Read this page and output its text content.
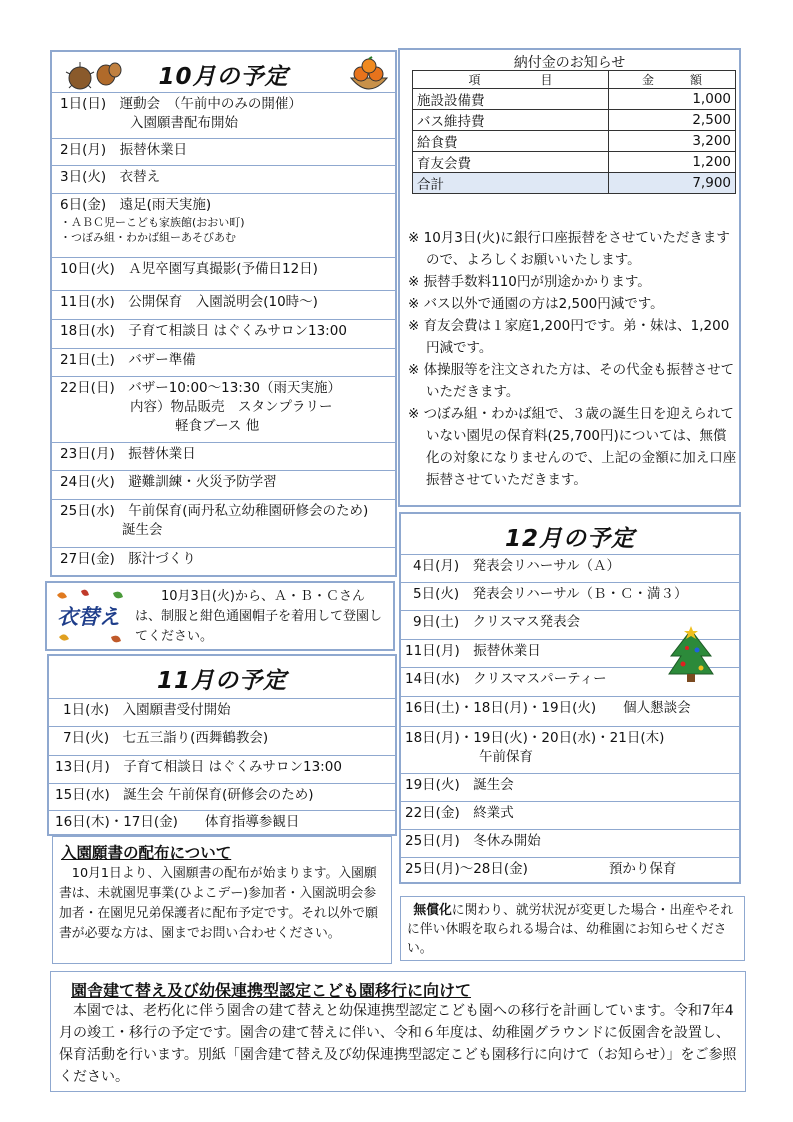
10月の予定
1日(日)　運動会　（午前中のみの開催）
入園願書配布開始
2日(月)　振替休業日
3日(火)　衣替え
6日(金)　遠足(雨天実施)
・ＡＢＣ児ーこども家族館(おおい町)
・つぼみ組・わかば組ーあそびあむ
10日(火)　Ａ児卒園写真撮影(予備日12日)
11日(水)　公開保育　入園説明会(10時～)
18日(水)　子育て相談日 はぐくみサロン13:00
21日(土)　バザー準備
22日(日)　バザー10:00～13:30（雨天実施）
内容）物品販売　スタンプラリー
軽食ブース 他
23日(月)　振替休業日
24日(火)　避難訓練・火災予防学習
25日(水)　午前保育(両丹私立幼稚園研修会のため)
誕生会
27日(金)　豚汁づくり
衣替え
10月3日(火)から、Ａ・Ｂ・Ｃさんは、制服と紺色通園帽子を着用して登園してください。
11月の予定
1日(水)　入園願書受付開始
7日(火)　七五三詣り(西舞鶴教会)
13日(月)　子育て相談日 はぐくみサロン13:00
15日(水)　誕生会 午前保育(研修会のため)
16日(木)・17日(金)　　体育指導参観日
入園願書の配布について
10月1日より、入園願書の配布が始まります。入園願書は、未就園児事業(ひよこデー)参加者・入園説明会参加者・在園児兄弟保護者に配布予定です。それ以外で願書が必要な方は、園までお問い合わせください。
納付金のお知らせ
項　　　　　目	金　　　額
施設設備費	1,000
バス維持費	2,500
給食費	3,200
育友会費	1,200
合計	7,900
※ 10月3日(火)に銀行口座振替をさせていただきますので、よろしくお願いいたします。
※ 振替手数料110円が別途かかります。
※ バス以外で通園の方は2,500円減です。
※ 育友会費は１家庭1,200円です。弟・妹は、1,200円減です。
※ 体操服等を注文された方は、その代金も振替させていただきます。
※ つぼみ組・わかば組で、３歳の誕生日を迎えられていない園児の保育料(25,700円)については、無償化の対象になりませんので、上記の金額に加え口座振替させていただきます。
12月の予定
4日(月)　発表会リハーサル（Ａ）
5日(火)　発表会リハーサル（Ｂ・Ｃ・満３）
9日(土)　クリスマス発表会
11日(月)　振替休業日
14日(水)　クリスマスパーティー
16日(土)・18日(月)・19日(火)　　個人懇談会
18日(月)・19日(火)・20日(水)・21日(木)
午前保育
19日(火)　誕生会
22日(金)　終業式
25日(月)　冬休み開始
25日(月)～28日(金)　　　　　　預かり保育
無償化に関わり、就労状況が変更した場合・出産やそれに伴い休暇を取られる場合は、幼稚園にお知らせください。
園舎建て替え及び幼保連携型認定こども園移行に向けて
本園では、老朽化に伴う園舎の建て替えと幼保連携型認定こども園への移行を計画しています。令和7年4月の竣工・移行の予定です。園舎の建て替えに伴い、令和６年度は、幼稚園グラウンドに仮園舎を設置し、保育活動を行います。別紙「園舎建て替え及び幼保連携型認定こども園移行に向けて（お知らせ）」をご参照ください。
